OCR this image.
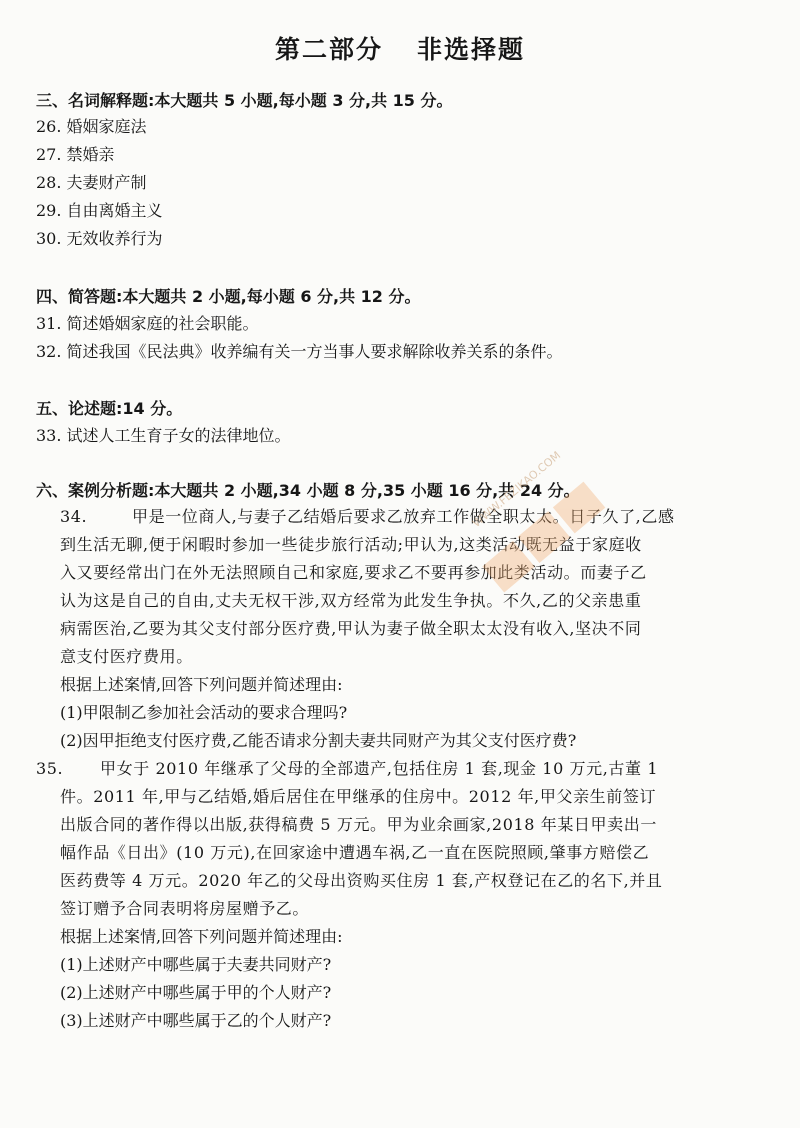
第二部分 非选择题
三、名词解释题:本大题共 5 小题,每小题 3 分,共 15 分。
26. 婚姻家庭法
27. 禁婚亲
28. 夫妻财产制
29. 自由离婚主义
30. 无效收养行为
四、简答题:本大题共 2 小题,每小题 6 分,共 12 分。
31. 简述婚姻家庭的社会职能。
32. 简述我国《民法典》收养编有关一方当事人要求解除收养关系的条件。
五、论述题:14 分。
33. 试述人工生育子女的法律地位。
六、案例分析题:本大题共 2 小题,34 小题 8 分,35 小题 16 分,共 24 分。
34.	甲是一位商人,与妻子乙结婚后要求乙放弃工作做全职太太。日子久了,乙感
到生活无聊,便于闲暇时参加一些徒步旅行活动;甲认为,这类活动既无益于家庭收
入又要经常出门在外无法照顾自己和家庭,要求乙不要再参加此类活动。而妻子乙
认为这是自己的自由,丈夫无权干涉,双方经常为此发生争执。不久,乙的父亲患重
病需医治,乙要为其父支付部分医疗费,甲认为妻子做全职太太没有收入,坚决不同
意支付医疗费用。
根据上述案情,回答下列问题并简述理由:
(1)甲限制乙参加社会活动的要求合理吗?
(2)因甲拒绝支付医疗费,乙能否请求分割夫妻共同财产为其父支付医疗费?
35. 甲女于 2010 年继承了父母的全部遗产,包括住房 1 套,现金 10 万元,古董 1
件。2011 年,甲与乙结婚,婚后居住在甲继承的住房中。2012 年,甲父亲生前签订
出版合同的著作得以出版,获得稿费 5 万元。甲为业余画家,2018 年某日甲卖出一
幅作品《日出》(10 万元),在回家途中遭遇车祸,乙一直在医院照顾,肇事方赔偿乙
医药费等 4 万元。2020 年乙的父母出资购买住房 1 套,产权登记在乙的名下,并且
签订赠予合同表明将房屋赠予乙。
根据上述案情,回答下列问题并简述理由:
(1)上述财产中哪些属于夫妻共同财产?
(2)上述财产中哪些属于甲的个人财产?
(3)上述财产中哪些属于乙的个人财产?
WWW.FEZIKAO.COM
